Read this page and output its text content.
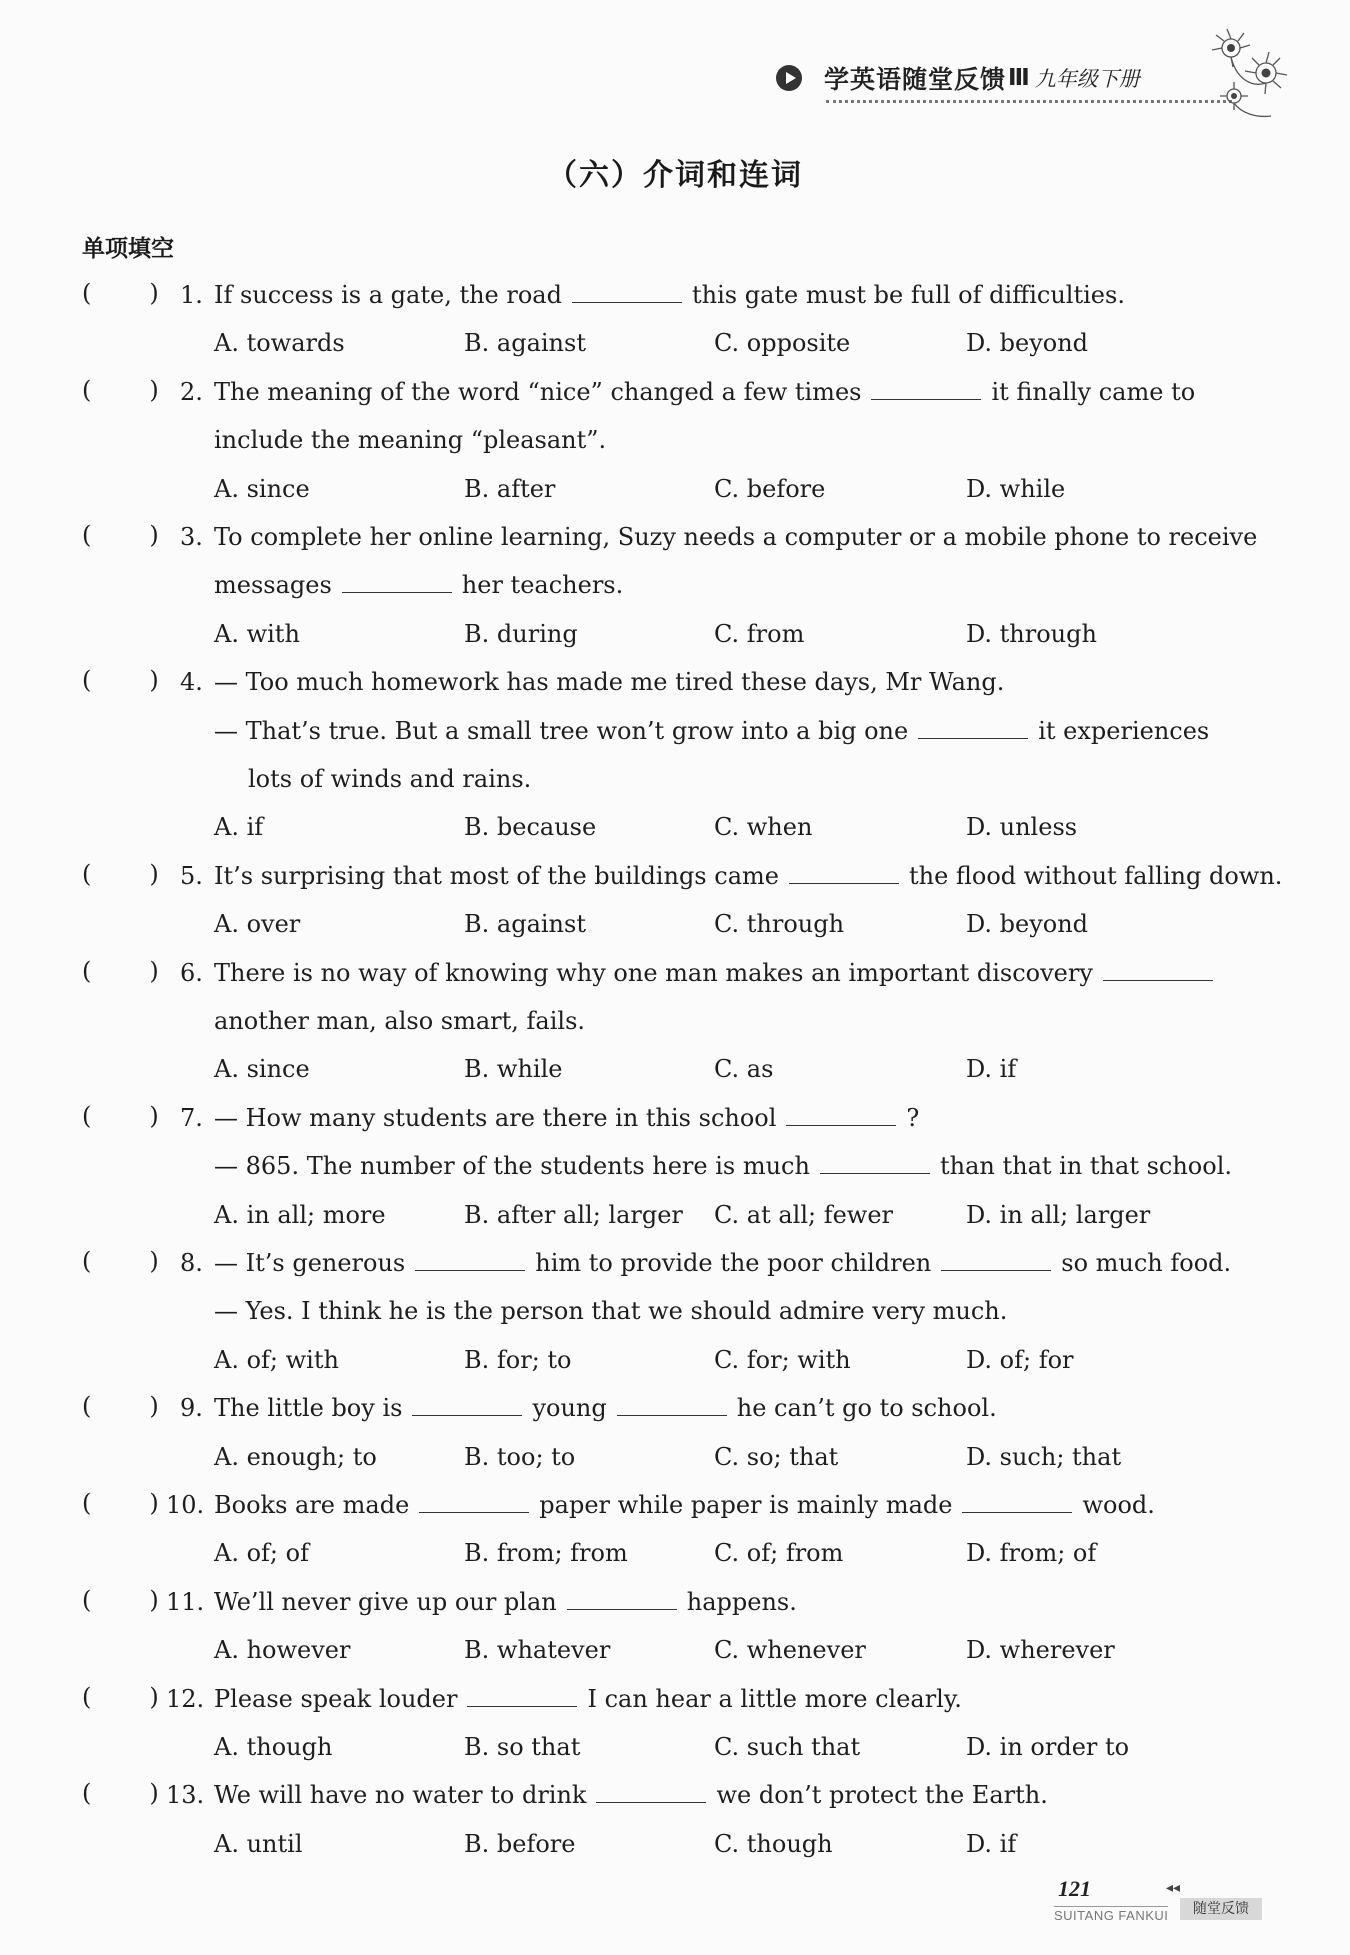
学英语随堂反馈 Ⅲ 九年级下册
（六）介词和连词
单项填空
( ) 1. If success is a gate, the road	this gate must be full of difficulties.
A. towards	B. against	C. opposite	D. beyond
( ) 2. The meaning of the word “nice” changed a few times	it finally came to
include the meaning “pleasant”.
A. since	B. after	C. before	D. while
( ) 3. To complete her online learning, Suzy needs a computer or a mobile phone to receive
messages	her teachers.
A. with	B. during	C. from	D. through
( ) 4. — Too much homework has made me tired these days, Mr Wang.
— That’s true. But a small tree won’t grow into a big one	it experiences
lots of winds and rains.
A. if	B. because	C. when	D. unless
( ) 5. It’s surprising that most of the buildings came	the flood without falling down.
A. over	B. against	C. through	D. beyond
( ) 6. There is no way of knowing why one man makes an important discovery
another man, also smart, fails.
A. since	B. while	C. as	D. if
( ) 7. — How many students are there in this school	?
— 865. The number of the students here is much	than that in that school.
A. in all; more	B. after all; larger C. at all; fewer	D. in all; larger
( ) 8. — It’s generous	him to provide the poor children	so much food.
— Yes. I think he is the person that we should admire very much.
A. of; with	B. for; to	C. for; with	D. of; for
( ) 9. The little boy is	young	he can’t go to school.
A. enough; to	B. too; to	C. so; that	D. such; that
( ) 10. Books are made	paper while paper is mainly made	wood.
A. of; of	B. from; from	C. of; from	D. from; of
( ) 11. We’ll never give up our plan	happens.
A. however	B. whatever	C. whenever	D. wherever
( ) 12. Please speak louder	I can hear a little more clearly.
A. though	B. so that	C. such that	D. in order to
( ) 13. We will have no water to drink	we don’t protect the Earth.
A. until	B. before	C. though	D. if
121	◂◂
SUITANG FANKUI	随堂反馈
